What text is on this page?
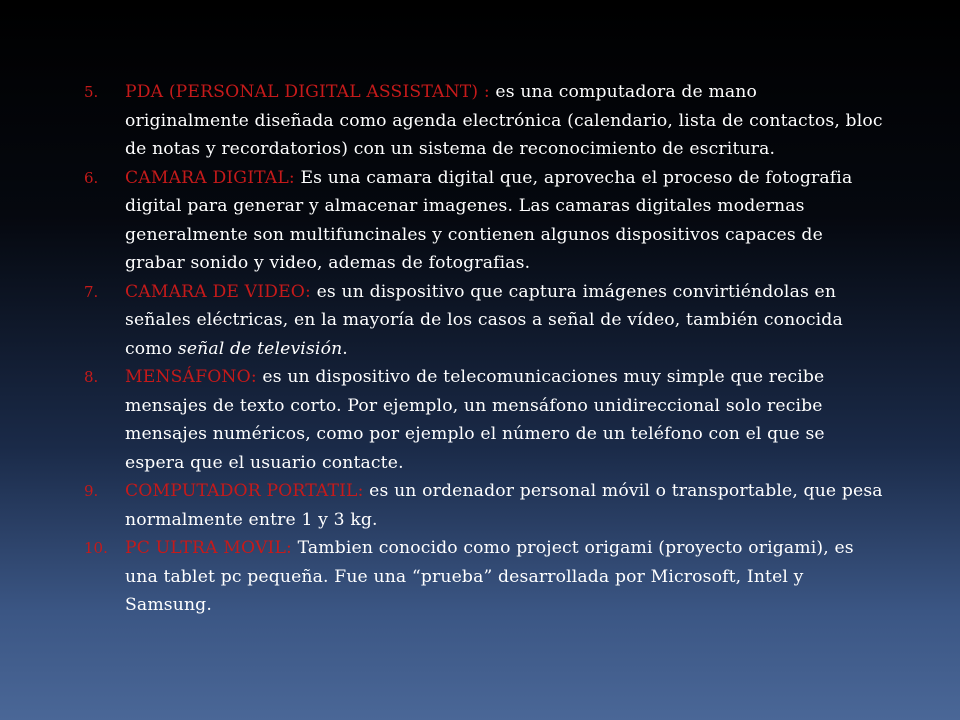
5. PDA (PERSONAL DIGITAL ASSISTANT) : es una computadora de mano originalmente diseñada como agenda electrónica (calendario, lista de contactos, bloc de notas y recordatorios) con un sistema de reconocimiento de escritura.

6. CAMARA DIGITAL: Es una camara digital que, aprovecha el proceso de fotografia digital para generar y almacenar imagenes. Las camaras digitales modernas generalmente son multifuncinales y contienen algunos dispositivos capaces de grabar sonido y video, ademas de fotografias.

7. CAMARA DE VIDEO: es un dispositivo que captura imágenes convirtiéndolas en señales eléctricas, en la mayoría de los casos a señal de vídeo, también conocida como señal de televisión.

8. MENSÁFONO: es un dispositivo de telecomunicaciones muy simple que recibe mensajes de texto corto. Por ejemplo, un mensáfono unidireccional solo recibe mensajes numéricos, como por ejemplo el número de un teléfono con el que se espera que el usuario contacte.

9. COMPUTADOR PORTATIL: es un ordenador personal móvil o transportable, que pesa normalmente entre 1 y 3 kg.

10. PC ULTRA MOVIL: Tambien conocido como project origami (proyecto origami), es una tablet pc pequeña. Fue una “prueba” desarrollada por Microsoft, Intel y Samsung.
